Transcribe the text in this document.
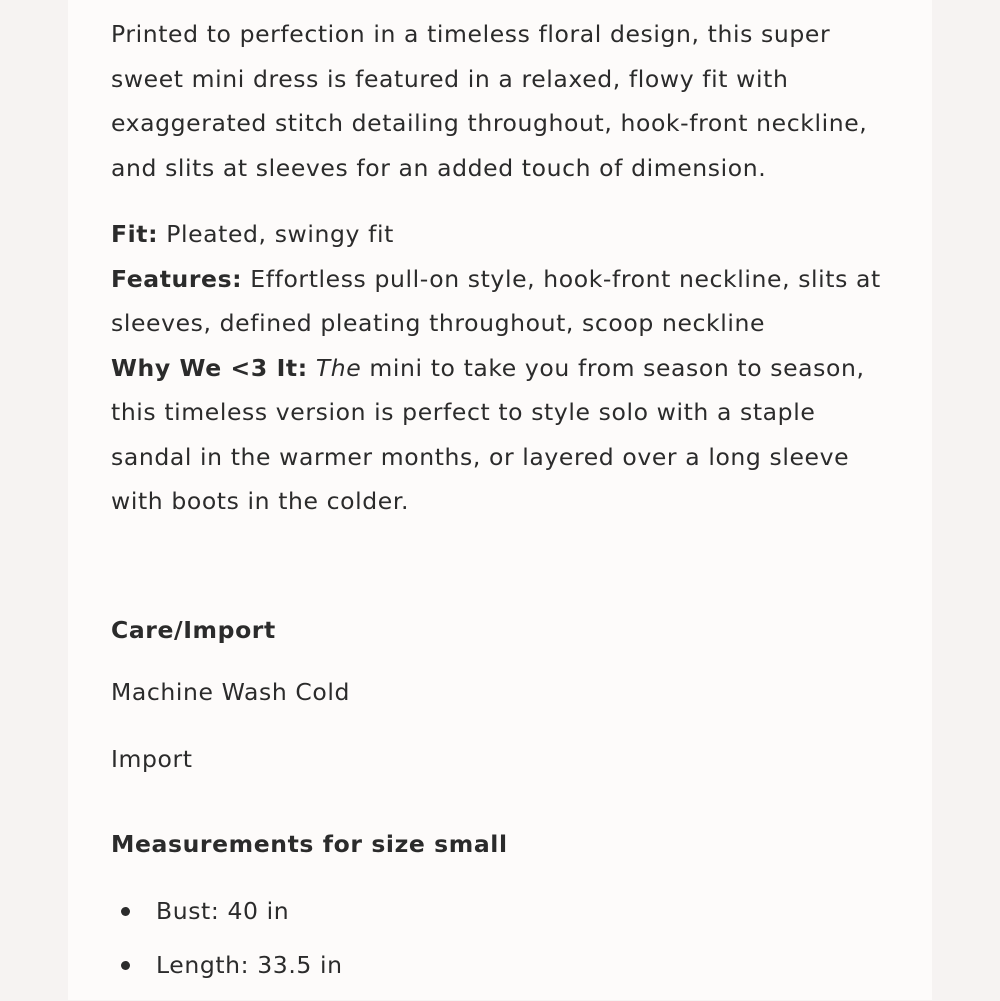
Printed to perfection in a timeless floral design, this super sweet mini dress is featured in a relaxed, flowy fit with exaggerated stitch detailing throughout, hook-front neckline, and slits at sleeves for an added touch of dimension.

Fit: Pleated, swingy fit

Features: Effortless pull-on style, hook-front neckline, slits at sleeves, defined pleating throughout, scoop neckline

Why We <3 It: The mini to take you from season to season, this timeless version is perfect to style solo with a staple sandal in the warmer months, or layered over a long sleeve with boots in the colder.

Care/Import

Machine Wash Cold

Import

Measurements for size small
Bust: 40 in
Length: 33.5 in
